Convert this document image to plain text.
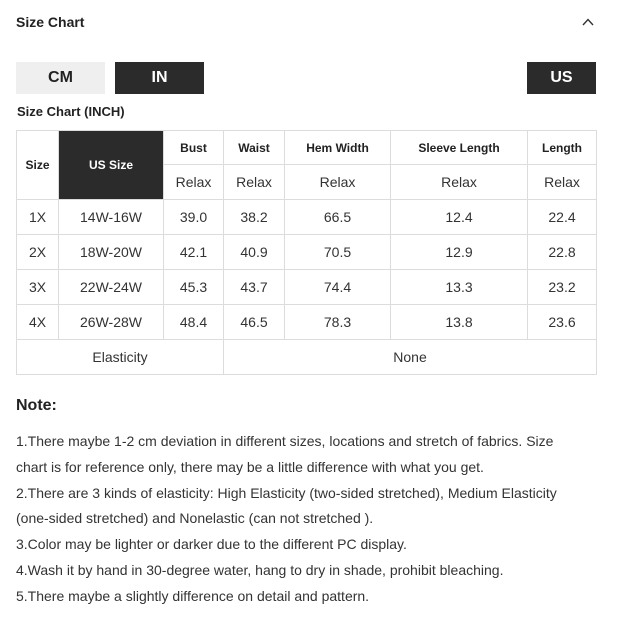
Size Chart
CM	IN	US
Size Chart (INCH)
Size	US Size	Bust	Waist	Hem Width	Sleeve Length	Length
		Relax	Relax	Relax	Relax	Relax
1X	14W-16W	39.0	38.2	66.5	12.4	22.4
2X	18W-20W	42.1	40.9	70.5	12.9	22.8
3X	22W-24W	45.3	43.7	74.4	13.3	23.2
4X	26W-28W	48.4	46.5	78.3	13.8	23.6
Elasticity			None			
Note:
1.There maybe 1-2 cm deviation in different sizes, locations and stretch of fabrics. Size
chart is for reference only, there may be a little difference with what you get.
2.There are 3 kinds of elasticity: High Elasticity (two-sided stretched), Medium Elasticity
(one-sided stretched) and Nonelastic (can not stretched ).
3.Color may be lighter or darker due to the different PC display.
4.Wash it by hand in 30-degree water, hang to dry in shade, prohibit bleaching.
5.There maybe a slightly difference on detail and pattern.
